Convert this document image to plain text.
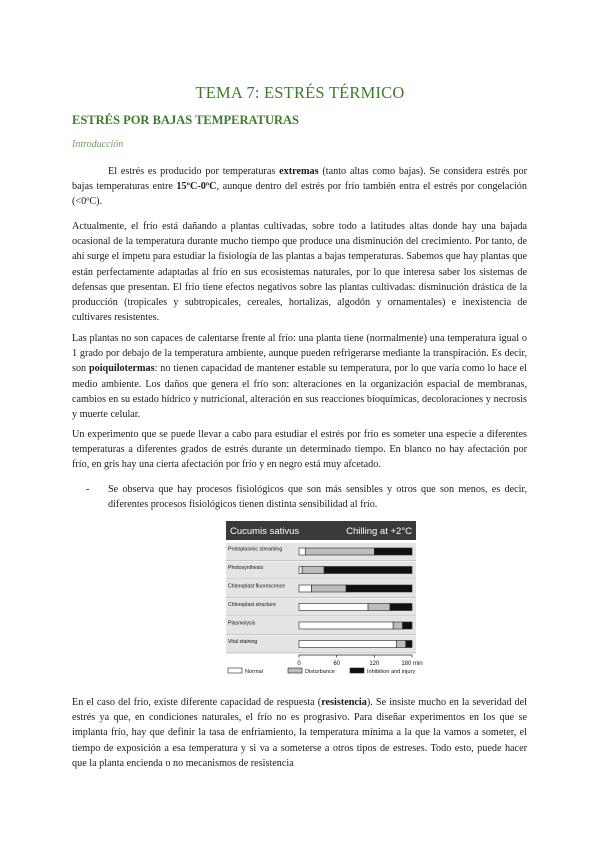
TEMA 7: ESTRÉS TÉRMICO
ESTRÉS POR BAJAS TEMPERATURAS
Introducción
El estrés es producido por temperaturas extremas (tanto altas como bajas). Se considera estrés por bajas temperaturas entre 15ºC-0ºC, aunque dentro del estrés por frío también entra el estrés por congelación (<0ºC).
Actualmente, el frío está dañando a plantas cultivadas, sobre todo a latitudes altas donde hay una bajada ocasional de la temperatura durante mucho tiempo que produce una disminución del crecimiento. Por tanto, de ahí surge el ímpetu para estudiar la fisiología de las plantas a bajas temperaturas. Sabemos que hay plantas que están perfectamente adaptadas al frío en sus ecosistemas naturales, por lo que interesa saber los sistemas de defensas que presentan. El frío tiene efectos negativos sobre las plantas cultivadas: disminución drástica de la producción (tropicales y subtropicales, cereales, hortalizas, algodón y ornamentales) e inexistencia de cultivares resistentes.
Las plantas no son capaces de calentarse frente al frío: una planta tiene (normalmente) una temperatura igual o 1 grado por debajo de la temperatura ambiente, aunque pueden refrigerarse mediante la transpiración. Es decir, son poiquilotermas: no tienen capacidad de mantener estable su temperatura, por lo que varía como lo hace el medio ambiente. Los daños que genera el frío son: alteraciones en la organización espacial de membranas, cambios en su estado hídrico y nutricional, alteración en sus reacciones bioquímicas, decoloraciones y necrosis y muerte celular.
Un experimento que se puede llevar a cabo para estudiar el estrés por frío es someter una especie a diferentes temperaturas a diferentes grados de estrés durante un determinado tiempo. En blanco no hay afectación por frío, en gris hay una cierta afectación por frío y en negro está muy afcetado.
- Se observa que hay procesos fisiológicos que son más sensibles y otros que son menos, es decir, diferentes procesos fisiológicos tienen distinta sensibilidad al frío.
Cucumis sativus	Chilling at +2°C
Protoplasmic streaming
Photosynthesis
Chloroplast fluorescence
Chloroplast structure
Plasmolysis
Vital staining
0	60	120	180 min
Normal	Disturbance	Inhibition and injury
En el caso del frío, existe diferente capacidad de respuesta (resistencia). Se insiste mucho en la severidad del estrés ya que, en condiciones naturales, el frío no es prograsivo. Para diseñar experimentos en los que se implanta frío, hay que definir la tasa de enfriamiento, la temperatura mínima a la que la vamos a someter, el tiempo de exposición a esa temperatura y si va a someterse a otros tipos de estreses. Todo esto, puede hacer que la planta encienda o no mecanismos de resistencia
